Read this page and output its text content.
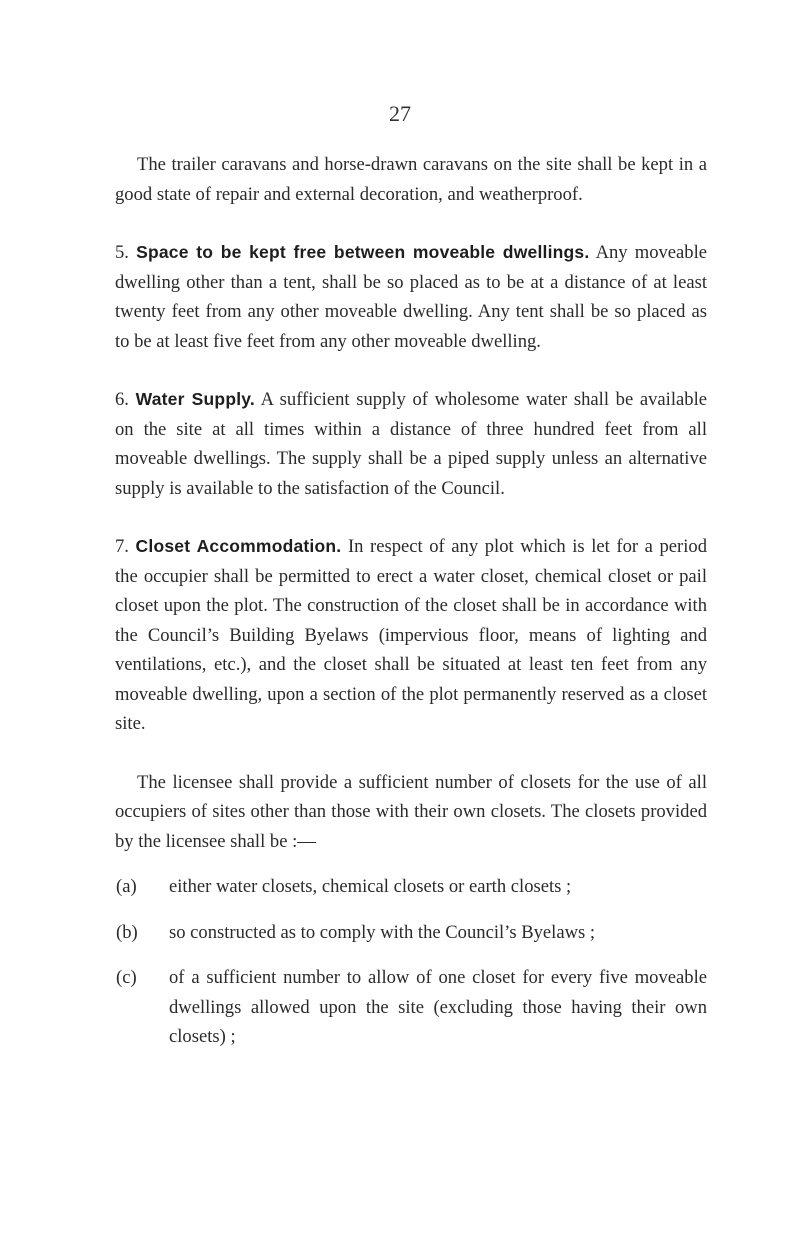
27

The trailer caravans and horse-drawn caravans on the site shall be kept in a good state of repair and external decoration, and weatherproof.

5. Space to be kept free between moveable dwellings. Any moveable dwelling other than a tent, shall be so placed as to be at a distance of at least twenty feet from any other moveable dwelling. Any tent shall be so placed as to be at least five feet from any other moveable dwelling.

6. Water Supply. A sufficient supply of wholesome water shall be available on the site at all times within a distance of three hundred feet from all moveable dwellings. The supply shall be a piped supply unless an alternative supply is available to the satisfaction of the Council.

7. Closet Accommodation. In respect of any plot which is let for a period the occupier shall be permitted to erect a water closet, chemical closet or pail closet upon the plot. The construction of the closet shall be in accordance with the Council’s Building Byelaws (impervious floor, means of lighting and ventilations, etc.), and the closet shall be situated at least ten feet from any moveable dwelling, upon a section of the plot permanently reserved as a closet site.

The licensee shall provide a sufficient number of closets for the use of all occupiers of sites other than those with their own closets. The closets provided by the licensee shall be :—

(a) either water closets, chemical closets or earth closets ;
(b) so constructed as to comply with the Council’s Byelaws ;
(c) of a sufficient number to allow of one closet for every five moveable dwellings allowed upon the site (excluding those having their own closets) ;
